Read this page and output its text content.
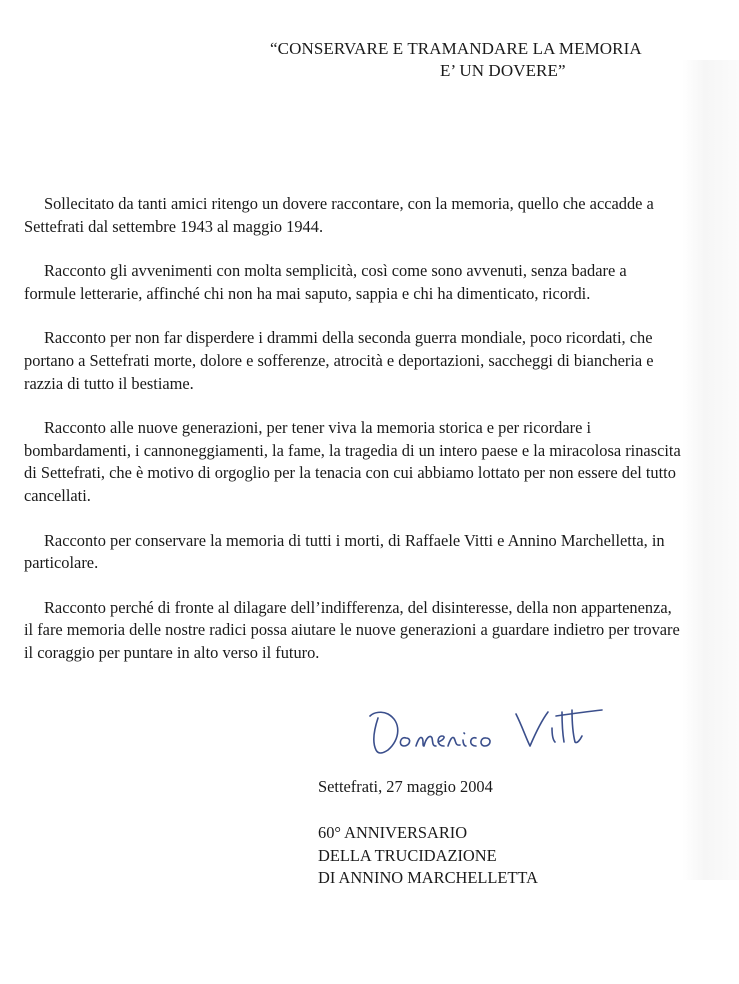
“CONSERVARE E TRAMANDARE LA MEMORIA
E’ UN DOVERE”

Sollecitato da tanti amici ritengo un dovere raccontare, con la memoria, quello che accadde a Settefrati dal settembre 1943 al maggio 1944.

Racconto gli avvenimenti con molta semplicità, così come sono avvenuti, senza badare a formule letterarie, affinché chi non ha mai saputo, sappia e chi ha dimenticato, ricordi.

Racconto per non far disperdere i drammi della seconda guerra mondiale, poco ricordati, che portano a Settefrati morte, dolore e sofferenze, atrocità e deportazioni, saccheggi di biancheria e razzia di tutto il bestiame.

Racconto alle nuove generazioni, per tener viva la memoria storica e per ricordare i bombardamenti, i cannoneggiamenti, la fame, la tragedia di un intero paese e la miracolosa rinascita di Settefrati, che è motivo di orgoglio per la tenacia con cui abbiamo lottato per non essere del tutto cancellati.

Racconto per conservare la memoria di tutti i morti, di Raffaele Vitti e Annino Marchelletta, in particolare.

Racconto perché di fronte al dilagare dell’indifferenza, del disinteresse, della non appartenenza, il fare memoria delle nostre radici possa aiutare le nuove generazioni a guardare indietro per trovare il coraggio per puntare in alto verso il futuro.

Settefrati, 27 maggio 2004
60° ANNIVERSARIO
DELLA TRUCIDAZIONE
DI ANNINO MARCHELLETTA
